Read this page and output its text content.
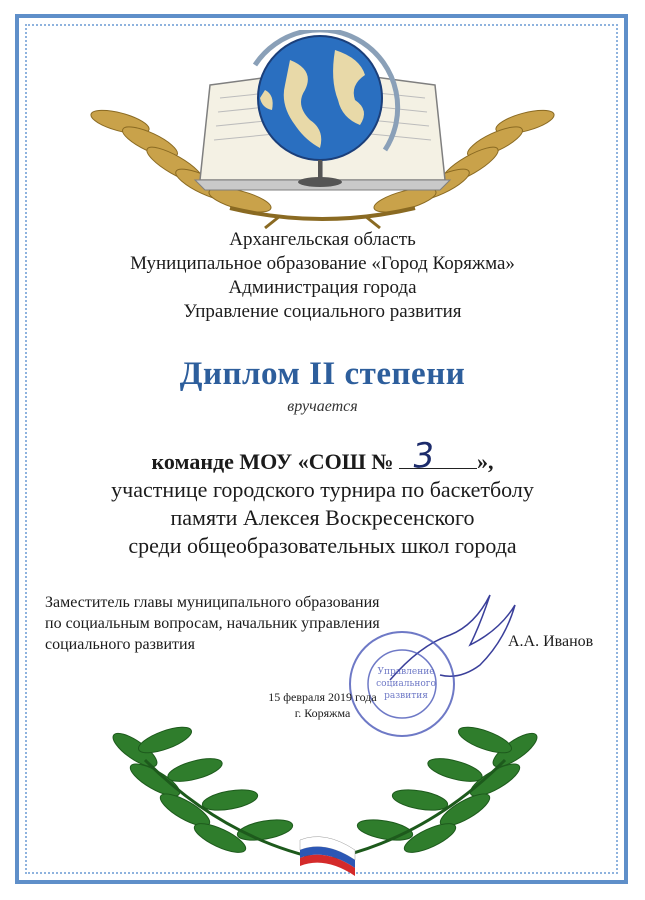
Архангельская область
Муниципальное образование «Город Коряжма»
Администрация города
Управление социального развития
Диплом II степени
вручается
команде МОУ «СОШ № 3 »,
участнице городского турнира по баскетболу
памяти Алексея Воскресенского
среди общеобразовательных школ города
Заместитель главы муниципального образования
по социальным вопросам, начальник управления
социального развития	А.А. Иванов
Управление
социального
развития
15 февраля 2019 года
г. Коряжма
